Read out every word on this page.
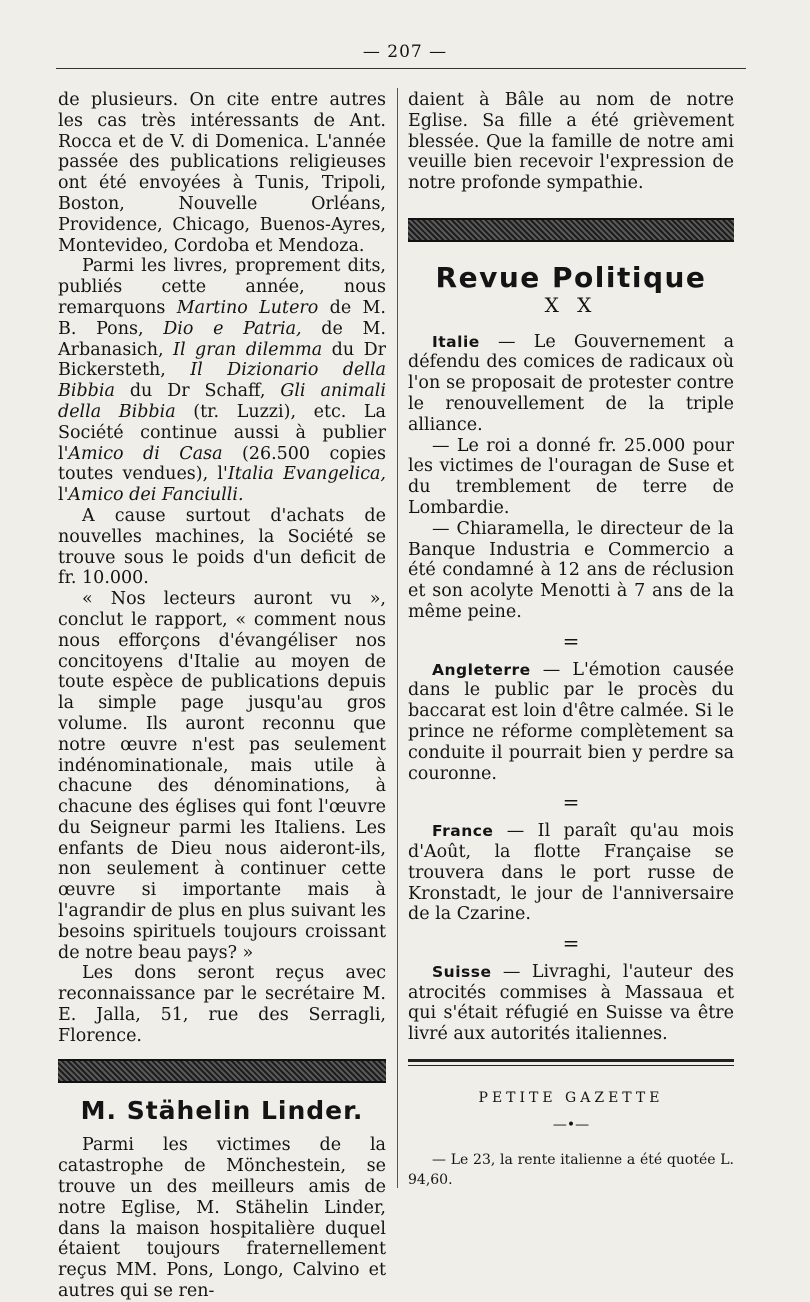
— 207 —

de plusieurs. On cite entre autres les cas très intéressants de Ant. Rocca et de V. di Domenica. L'année passée des publications religieuses ont été envoyées à Tunis, Tripoli, Boston, Nouvelle Orléans, Providence, Chicago, Buenos-Ayres, Montevideo, Cordoba et Mendoza.

Parmi les livres, proprement dits, publiés cette année, nous remarquons Martino Lutero de M. B. Pons, Dio e Patria, de M. Arbanasich, Il gran dilemma du Dr Bickersteth, Il Dizionario della Bibbia du Dr Schaff, Gli animali della Bibbia (tr. Luzzi), etc. La Société continue aussi à publier l'Amico di Casa (26.500 copies toutes vendues), l'Italia Evangelica, l'Amico dei Fanciulli.

A cause surtout d'achats de nouvelles machines, la Société se trouve sous le poids d'un deficit de fr. 10.000.

« Nos lecteurs auront vu », conclut le rapport, « comment nous nous efforçons d'évangéliser nos concitoyens d'Italie au moyen de toute espèce de publications depuis la simple page jusqu'au gros volume. Ils auront reconnu que notre œuvre n'est pas seulement indénominationale, mais utile à chacune des dénominations, à chacune des églises qui font l'œuvre du Seigneur parmi les Italiens. Les enfants de Dieu nous aideront-ils, non seulement à continuer cette œuvre si importante mais à l'agrandir de plus en plus suivant les besoins spirituels toujours croissant de notre beau pays? »

Les dons seront reçus avec reconnaissance par le secrétaire M. E. Jalla, 51, rue des Serragli, Florence.

M. Stähelin Linder.

Parmi les victimes de la catastrophe de Mönchestein, se trouve un des meilleurs amis de notre Eglise, M. Stähelin Linder, dans la maison hospitalière duquel étaient toujours fraternellement reçus MM. Pons, Longo, Calvino et autres qui se ren-

daient à Bâle au nom de notre Eglise. Sa fille a été grièvement blessée. Que la famille de notre ami veuille bien recevoir l'expression de notre profonde sympathie.

Revue Politique
X X

Italie — Le Gouvernement a défendu des comices de radicaux où l'on se proposait de protester contre le renouvellement de la triple alliance.

— Le roi a donné fr. 25.000 pour les victimes de l'ouragan de Suse et du tremblement de terre de Lombardie.

— Chiaramella, le directeur de la Banque Industria e Commercio a été condamné à 12 ans de réclusion et son acolyte Menotti à 7 ans de la même peine.

=

Angleterre — L'émotion causée dans le public par le procès du baccarat est loin d'être calmée. Si le prince ne réforme complètement sa conduite il pourrait bien y perdre sa couronne.

=

France — Il paraît qu'au mois d'Août, la flotte Française se trouvera dans le port russe de Kronstadt, le jour de l'anniversaire de la Czarine.

=

Suisse — Livraghi, l'auteur des atrocités commises à Massaua et qui s'était réfugié en Suisse va être livré aux autorités italiennes.

PETITE GAZETTE
—•—

— Le 23, la rente italienne a été quotée L. 94,60.
